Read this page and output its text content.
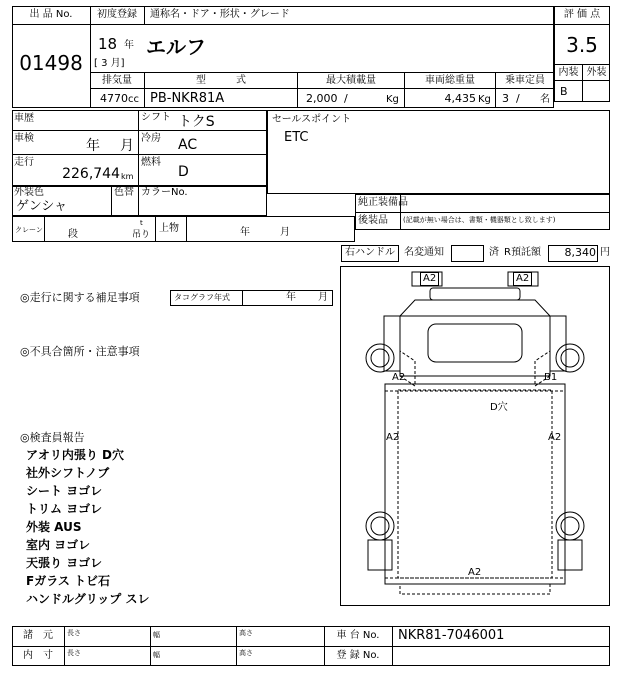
出 品 No.
01498
初度登録	通称名・ドア・形状・グレード
18 年
[ 3 月]
エルフ
排気量
4770 cc
型　　　式
PB-NKR81A
最大積載量
2,000 /	Kg
車両総重量
4,435 Kg
乗車定員
3 / 名
評 価 点
3.5
内装 外装
B
車歴	シフト トクS
車検	年 月 冷房 AC
走行
226,744 km
燃料
D
外装色
ゲンシャ
色替 カラーNo.
セールスポイント
ETC
純正装備品
後装品 (記載が無い場合は、書類・機器類とし致します)
クレーン	段
t
吊り
上物	年	月
右ハンドル 名変通知	済 R預託額	8,340 円
◎走行に関する補足事項	タコグラフ年式	年 月
◎不具合箇所・注意事項
◎検査員報告
アオリ内張り D穴
社外シフトノブ
シート ヨゴレ
トリム ヨゴレ
外装 AUS
室内 ヨゴレ
天張り ヨゴレ
Fガラス トビ石
ハンドルグリップ スレ
A2	A2
A2	B1
D穴
A2	A2
A2
諸　元
内　寸
長さ	幅	高さ
長さ	幅	高さ
車 台 No.	NKR81-7046001
登 録 No.
